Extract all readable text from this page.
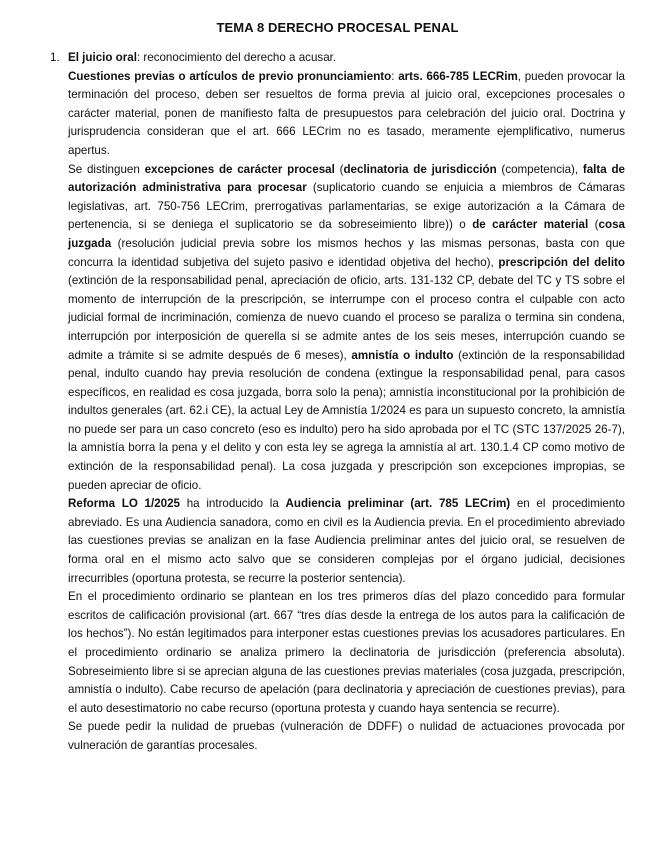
TEMA 8 DERECHO PROCESAL PENAL
1. El juicio oral: reconocimiento del derecho a acusar.

Cuestiones previas o artículos de previo pronunciamiento: arts. 666-785 LECRim, pueden provocar la terminación del proceso, deben ser resueltos de forma previa al juicio oral, excepciones procesales o carácter material, ponen de manifiesto falta de presupuestos para celebración del juicio oral. Doctrina y jurisprudencia consideran que el art. 666 LECrim no es tasado, meramente ejemplificativo, numerus apertus.

Se distinguen excepciones de carácter procesal (declinatoria de jurisdicción (competencia), falta de autorización administrativa para procesar (suplicatorio cuando se enjuicia a miembros de Cámaras legislativas, art. 750-756 LECrim, prerrogativas parlamentarias, se exige autorización a la Cámara de pertenencia, si se deniega el suplicatorio se da sobreseimiento libre)) o de carácter material (cosa juzgada (resolución judicial previa sobre los mismos hechos y las mismas personas, basta con que concurra la identidad subjetiva del sujeto pasivo e identidad objetiva del hecho), prescripción del delito (extinción de la responsabilidad penal, apreciación de oficio, arts. 131-132 CP, debate del TC y TS sobre el momento de interrupción de la prescripción, se interrumpe con el proceso contra el culpable con acto judicial formal de incriminación, comienza de nuevo cuando el proceso se paraliza o termina sin condena, interrupción por interposición de querella si se admite antes de los seis meses, interrupción cuando se admite a trámite si se admite después de 6 meses), amnistía o indulto (extinción de la responsabilidad penal, indulto cuando hay previa resolución de condena (extingue la responsabilidad penal, para casos específicos, en realidad es cosa juzgada, borra solo la pena); amnistía inconstitucional por la prohibición de indultos generales (art. 62.i CE), la actual Ley de Amnistía 1/2024 es para un supuesto concreto, la amnistía no puede ser para un caso concreto (eso es indulto) pero ha sido aprobada por el TC (STC 137/2025 26-7), la amnistía borra la pena y el delito y con esta ley se agrega la amnistía al art. 130.1.4 CP como motivo de extinción de la responsabilidad penal). La cosa juzgada y prescripción son excepciones impropias, se pueden apreciar de oficio.

Reforma LO 1/2025 ha introducido la Audiencia preliminar (art. 785 LECrim) en el procedimiento abreviado. Es una Audiencia sanadora, como en civil es la Audiencia previa. En el procedimiento abreviado las cuestiones previas se analizan en la fase Audiencia preliminar antes del juicio oral, se resuelven de forma oral en el mismo acto salvo que se consideren complejas por el órgano judicial, decisiones irrecurribles (oportuna protesta, se recurre la posterior sentencia).

En el procedimiento ordinario se plantean en los tres primeros días del plazo concedido para formular escritos de calificación provisional (art. 667 “tres días desde la entrega de los autos para la calificación de los hechos”). No están legitimados para interponer estas cuestiones previas los acusadores particulares. En el procedimiento ordinario se analiza primero la declinatoria de jurisdicción (preferencia absoluta). Sobreseimiento libre si se aprecian alguna de las cuestiones previas materiales (cosa juzgada, prescripción, amnistía o indulto). Cabe recurso de apelación (para declinatoria y apreciación de cuestiones previas), para el auto desestimatorio no cabe recurso (oportuna protesta y cuando haya sentencia se recurre).

Se puede pedir la nulidad de pruebas (vulneración de DDFF) o nulidad de actuaciones provocada por vulneración de garantías procesales.
